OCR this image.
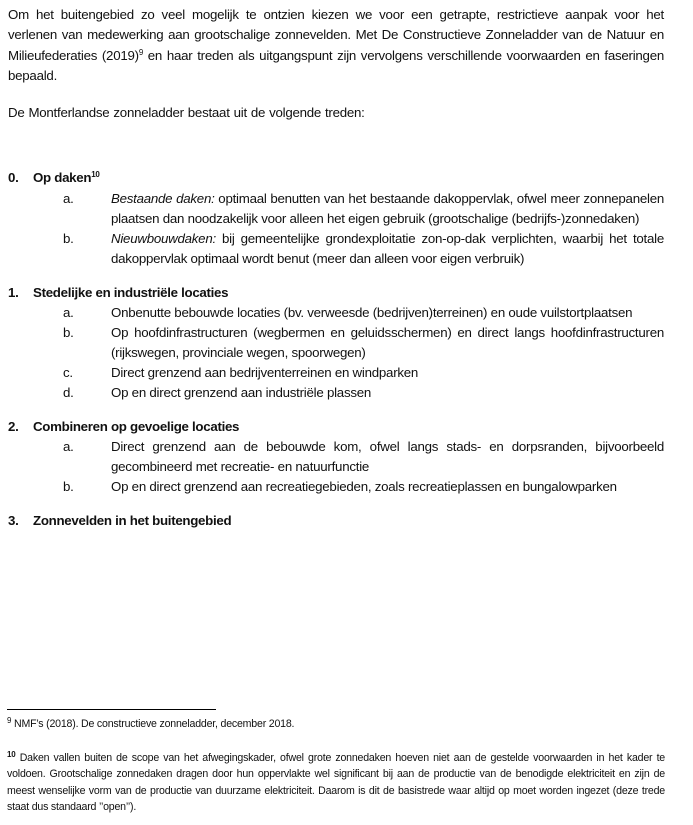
Om het buitengebied zo veel mogelijk te ontzien kiezen we voor een getrapte, restrictieve aanpak voor het verlenen van medewerking aan grootschalige zonnevelden. Met De Constructieve Zonneladder van de Natuur en Milieufederaties $(2019)^9$ en haar treden als uitgangspunt zijn vervolgens verschillende voorwaarden en faseringen bepaald.

De Montferlandse zonneladder bestaat uit de volgende treden:

0.	Op daken 10
a.	Bestaande daken: optimaal benutten van het bestaande dakoppervlak, ofwel meer zonnepanelen plaatsen dan noodzakelijk voor alleen het eigen gebruik (grootschalige (bedrijfs-)zonnedaken)
b.	Nieuwbouwdaken: bij gemeentelijke grondexploitatie zon-op-dak verplichten, waarbij het totale dakoppervlak optimaal wordt benut (meer dan alleen voor eigen verbruik)
1.	Stedelijke en industriële locaties
a.	Onbenutte bebouwde locaties (bv. verweesde (bedrijven)terreinen) en oude vuilstortplaatsen
b.	Op hoofdinfrastructuren (wegbermen en geluidsschermen) en direct langs hoofdinfrastructuren (rijkswegen, provinciale wegen, spoorwegen)
c.	Direct grenzend aan bedrijventerreinen en windparken
d.	Op en direct grenzend aan industriële plassen
2.	Combineren op gevoelige locaties
a.	Direct grenzend aan de bebouwde kom, ofwel langs stads- en dorpsranden, bijvoorbeeld gecombineerd met recreatie- en natuurfunctie
b.	Op en direct grenzend aan recreatiegebieden, zoals recreatieplassen en bungalowparken
3.	Zonnevelden in het buitengebied
$^9$ NMF’s (2018). De constructieve zonneladder, december 2018.
$^{10}$ Daken vallen buiten de scope van het afwegingskader, ofwel grote zonnedaken hoeven niet aan de gestelde voorwaarden in het kader te voldoen. Grootschalige zonnedaken dragen door hun oppervlakte wel significant bij aan de productie van de benodigde elektriciteit en zijn de meest wenselijke vorm van de productie van duurzame elektriciteit. Daarom is dit de basistrede waar altijd op moet worden ingezet (deze trede staat dus standaard ’’open’’).
